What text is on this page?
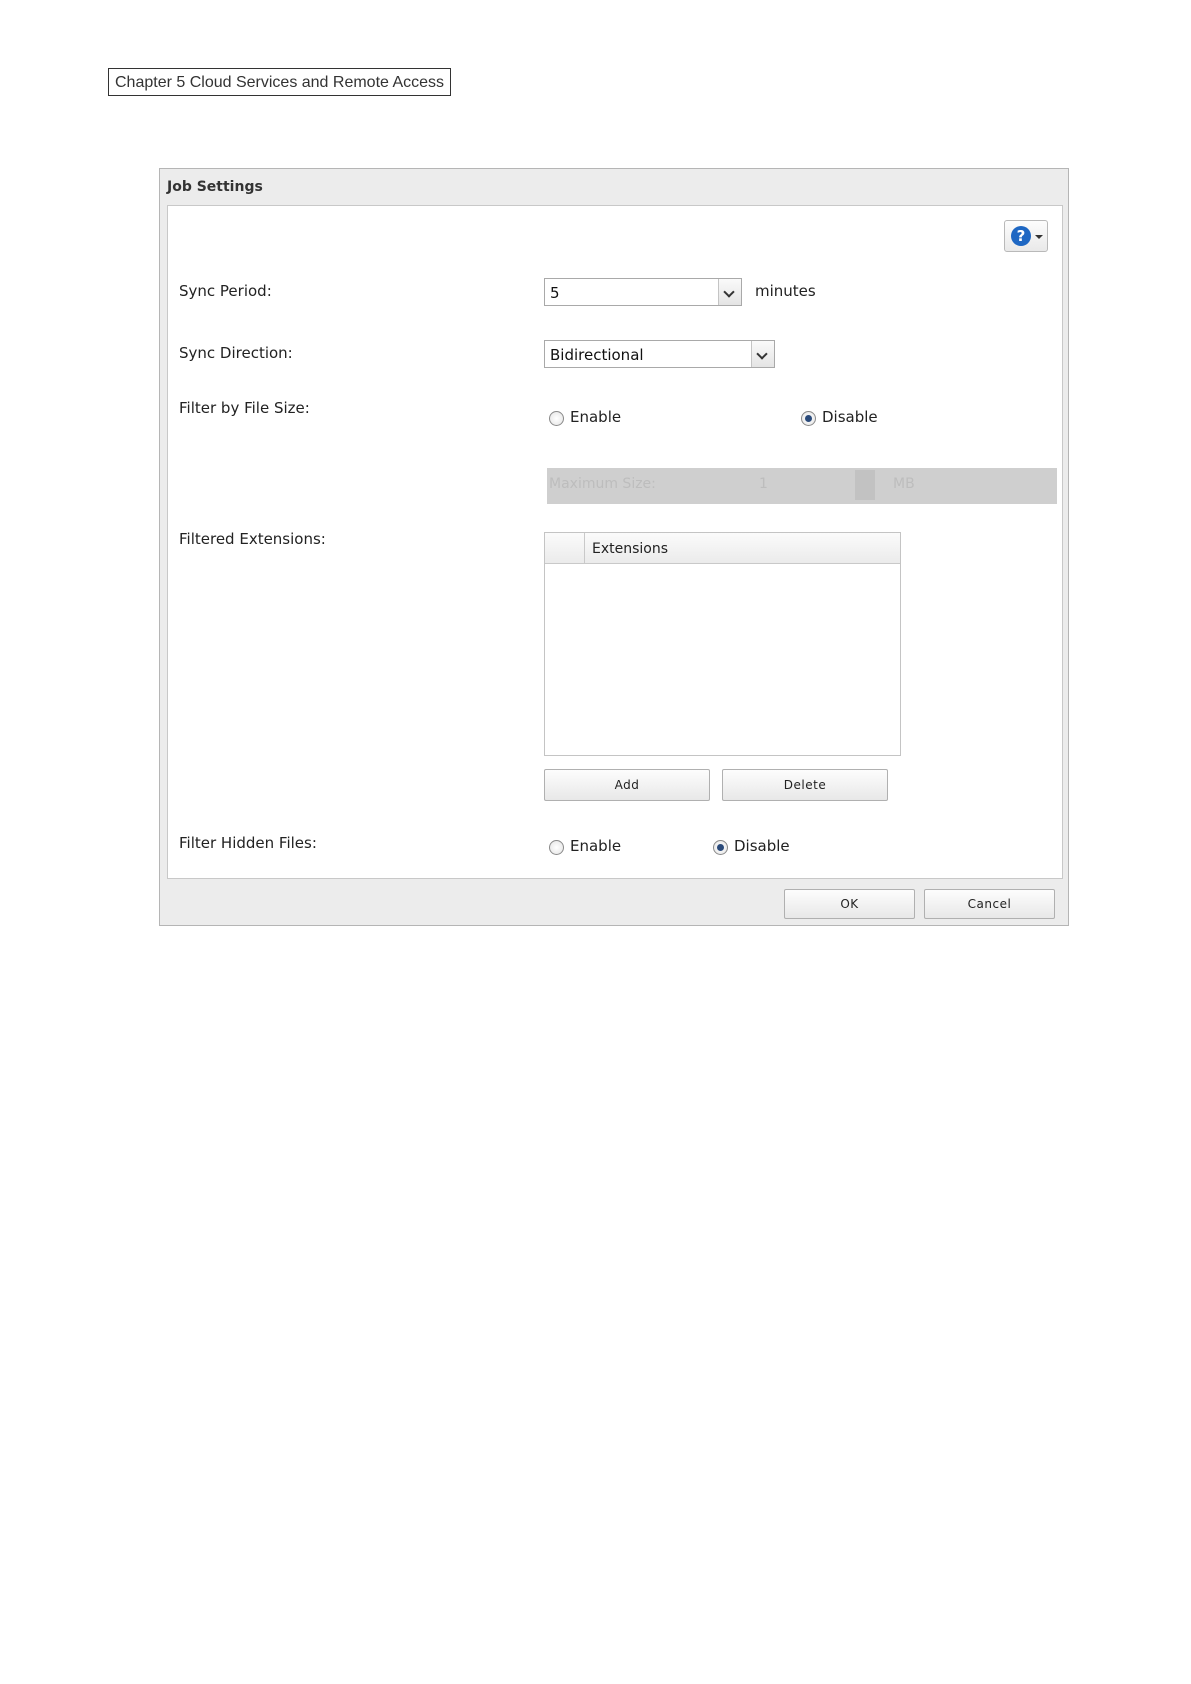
Chapter 5 Cloud Services and Remote Access
Job Settings
?
Sync Period:	5	minutes
Sync Direction:	Bidirectional
Filter by File Size:	Enable	Disable
Maximum Size:	1	MB
Filtered Extensions:
Extensions
Add	Delete
Filter Hidden Files:	Enable	Disable
OK	Cancel
